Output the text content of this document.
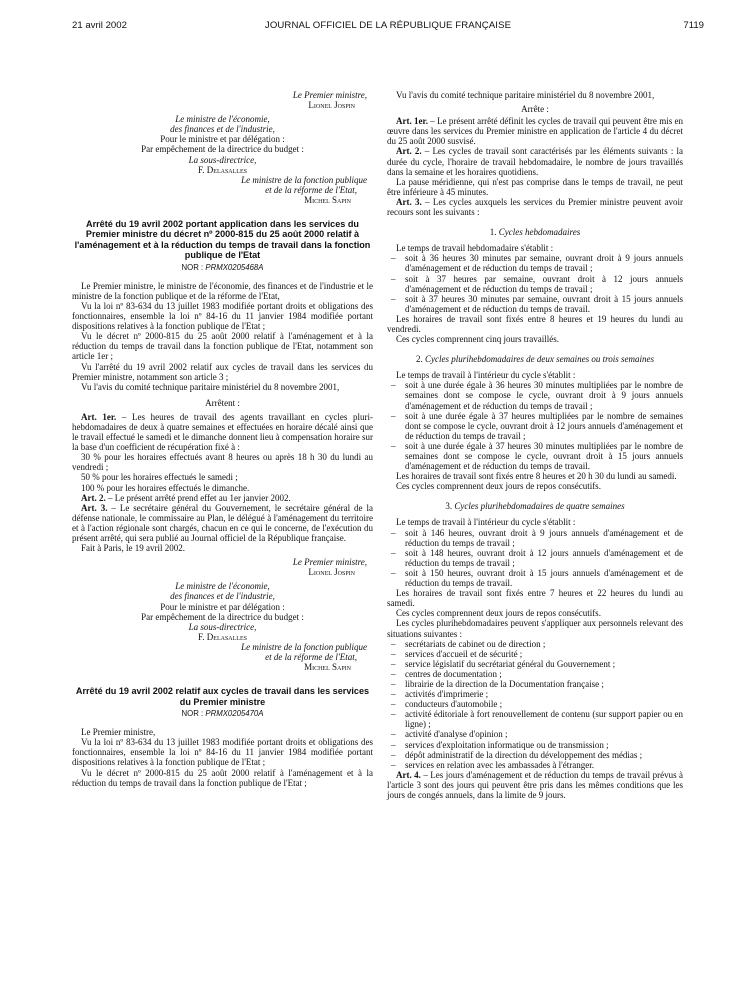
21 avril 2002	JOURNAL OFFICIEL DE LA RÉPUBLIQUE FRANÇAISE	7119

Le Premier ministre,

Lionel Jospin

Le ministre de l'économie,

des finances et de l'industrie,

Pour le ministre et par délégation :

Par empêchement de la directrice du budget :

La sous-directrice,

F. Delasalles

Le ministre de la fonction publique

et de la réforme de l'Etat,

Michel Sapin

Arrêté du 19 avril 2002 portant application dans les services du Premier ministre du décret nº 2000-815 du 25 août 2000 relatif à l'aménagement et à la réduction du temps de travail dans la fonction publique de l'Etat

NOR : PRMX0205468A

Le Premier ministre, le ministre de l'économie, des finances et de l'industrie et le ministre de la fonction publique et de la réforme de l'Etat,

Vu la loi nº 83-634 du 13 juillet 1983 modifiée portant droits et obligations des fonctionnaires, ensemble la loi nº 84-16 du 11 janvier 1984 modifiée portant dispositions relatives à la fonction publique de l'Etat ;

Vu le décret nº 2000-815 du 25 août 2000 relatif à l'aménagement et à la réduction du temps de travail dans la fonction publique de l'Etat, notamment son article 1er ;

Vu l'arrêté du 19 avril 2002 relatif aux cycles de travail dans les services du Premier ministre, notamment son article 3 ;

Vu l'avis du comité technique paritaire ministériel du 8 novembre 2001,

Arrêtent :

Art. 1er. – Les heures de travail des agents travaillant en cycles plurihebdomadaires de deux à quatre semaines et effectuées en horaire décalé ainsi que le travail effectué le samedi et le dimanche donnent lieu à compensation horaire sur la base d'un coefficient de récupération fixé à :

30 % pour les horaires effectués avant 8 heures ou après 18 h 30 du lundi au vendredi ;

50 % pour les horaires effectués le samedi ;

100 % pour les horaires effectués le dimanche.

Art. 2. – Le présent arrêté prend effet au 1er janvier 2002.

Art. 3. – Le secrétaire général du Gouvernement, le secrétaire général de la défense nationale, le commissaire au Plan, le délégué à l'aménagement du territoire et à l'action régionale sont chargés, chacun en ce qui le concerne, de l'exécution du présent arrêté, qui sera publié au Journal officiel de la République française.

Fait à Paris, le 19 avril 2002.

Le Premier ministre,

Lionel Jospin

Le ministre de l'économie,

des finances et de l'industrie,

Pour le ministre et par délégation :

Par empêchement de la directrice du budget :

La sous-directrice,

F. Delasalles

Le ministre de la fonction publique

et de la réforme de l'Etat,

Michel Sapin

Arrêté du 19 avril 2002 relatif aux cycles de travail dans les services du Premier ministre

NOR : PRMX0205470A

Le Premier ministre,

Vu la loi nº 83-634 du 13 juillet 1983 modifiée portant droits et obligations des fonctionnaires, ensemble la loi nº 84-16 du 11 janvier 1984 modifiée portant dispositions relatives à la fonction publique de l'Etat ;

Vu le décret nº 2000-815 du 25 août 2000 relatif à l'aménagement et à la réduction du temps de travail dans la fonction publique de l'Etat ;

Vu l'avis du comité technique paritaire ministériel du 8 novembre 2001,

Arrête :

Art. 1er. – Le présent arrêté définit les cycles de travail qui peuvent être mis en œuvre dans les services du Premier ministre en application de l'article 4 du décret du 25 août 2000 susvisé.

Art. 2. – Les cycles de travail sont caractérisés par les éléments suivants : la durée du cycle, l'horaire de travail hebdomadaire, le nombre de jours travaillés dans la semaine et les horaires quotidiens.

La pause méridienne, qui n'est pas comprise dans le temps de travail, ne peut être inférieure à 45 minutes.

Art. 3. – Les cycles auxquels les services du Premier ministre peuvent avoir recours sont les suivants :

1. Cycles hebdomadaires

Le temps de travail hebdomadaire s'établit :

– soit à 36 heures 30 minutes par semaine, ouvrant droit à 9 jours annuels d'aménagement et de réduction du temps de travail ;
– soit à 37 heures par semaine, ouvrant droit à 12 jours annuels d'aménagement et de réduction du temps de travail ;
– soit à 37 heures 30 minutes par semaine, ouvrant droit à 15 jours annuels d'aménagement et de réduction du temps de travail.

Les horaires de travail sont fixés entre 8 heures et 19 heures du lundi au vendredi.

Ces cycles comprennent cinq jours travaillés.

2. Cycles plurihebdomadaires de deux semaines ou trois semaines

Le temps de travail à l'intérieur du cycle s'établit :

– soit à une durée égale à 36 heures 30 minutes multipliées par le nombre de semaines dont se compose le cycle, ouvrant droit à 9 jours annuels d'aménagement et de réduction du temps de travail ;
– soit à une durée égale à 37 heures multipliées par le nombre de semaines dont se compose le cycle, ouvrant droit à 12 jours annuels d'aménagement et de réduction du temps de travail ;
– soit à une durée égale à 37 heures 30 minutes multipliées par le nombre de semaines dont se compose le cycle, ouvrant droit à 15 jours annuels d'aménagement et de réduction du temps de travail.

Les horaires de travail sont fixés entre 8 heures et 20 h 30 du lundi au samedi.

Ces cycles comprennent deux jours de repos consécutifs.

3. Cycles plurihebdomadaires de quatre semaines

Le temps de travail à l'intérieur du cycle s'établit :

– soit à 146 heures, ouvrant droit à 9 jours annuels d'aménagement et de réduction du temps de travail ;
– soit à 148 heures, ouvrant droit à 12 jours annuels d'aménagement et de réduction du temps de travail ;
– soit à 150 heures, ouvrant droit à 15 jours annuels d'aménagement et de réduction du temps de travail.

Les horaires de travail sont fixés entre 7 heures et 22 heures du lundi au samedi.

Ces cycles comprennent deux jours de repos consécutifs.

Les cycles plurihebdomadaires peuvent s'appliquer aux personnels relevant des situations suivantes :

– secrétariats de cabinet ou de direction ;
– services d'accueil et de sécurité ;
– service législatif du secrétariat général du Gouvernement ;
– centres de documentation ;
– librairie de la direction de la Documentation française ;
– activités d'imprimerie ;
– conducteurs d'automobile ;
– activité éditoriale à fort renouvellement de contenu (sur support papier ou en ligne) ;
– activité d'analyse d'opinion ;
– services d'exploitation informatique ou de transmission ;
– dépôt administratif de la direction du développement des médias ;
– services en relation avec les ambassades à l'étranger.

Art. 4. – Les jours d'aménagement et de réduction du temps de travail prévus à l'article 3 sont des jours qui peuvent être pris dans les mêmes conditions que les jours de congés annuels, dans la limite de 9 jours.
